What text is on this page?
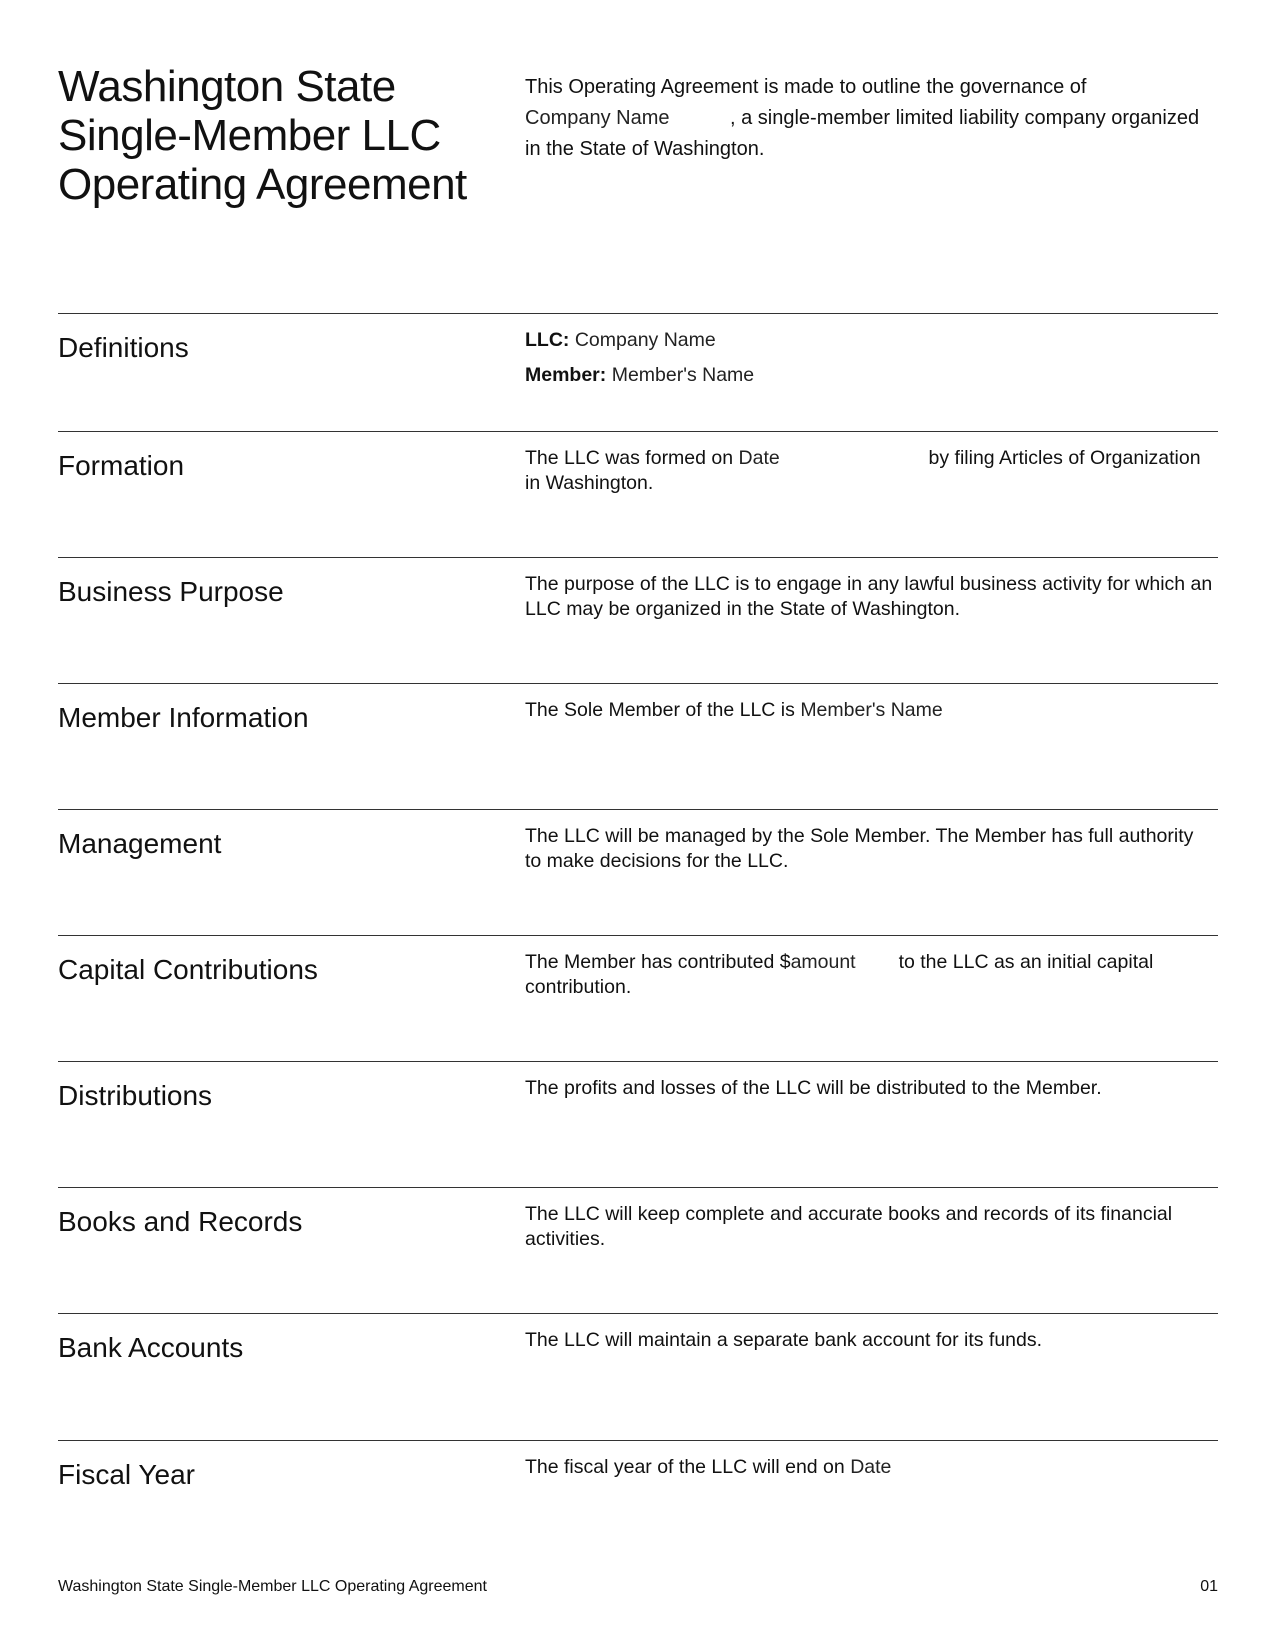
Washington State Single-Member LLC Operating Agreement
This Operating Agreement is made to outline the governance of
Company Name	, a single-member limited liability company organized in the State of Washington.
Definitions	LLC: Company Name
Member: Member's Name
Formation	The LLC was formed on Date	by filing Articles of Organization in Washington.
Business Purpose	The purpose of the LLC is to engage in any lawful business activity for which an LLC may be organized in the State of Washington.
Member Information	The Sole Member of the LLC is Member's Name
Management	The LLC will be managed by the Sole Member. The Member has full authority to make decisions for the LLC.
Capital Contributions	The Member has contributed $amount to the LLC as an initial capital contribution.
Distributions	The profits and losses of the LLC will be distributed to the Member.
Books and Records	The LLC will keep complete and accurate books and records of its financial activities.
Bank Accounts	The LLC will maintain a separate bank account for its funds.
Fiscal Year	The fiscal year of the LLC will end on Date
Washington State Single-Member LLC Operating Agreement	01
